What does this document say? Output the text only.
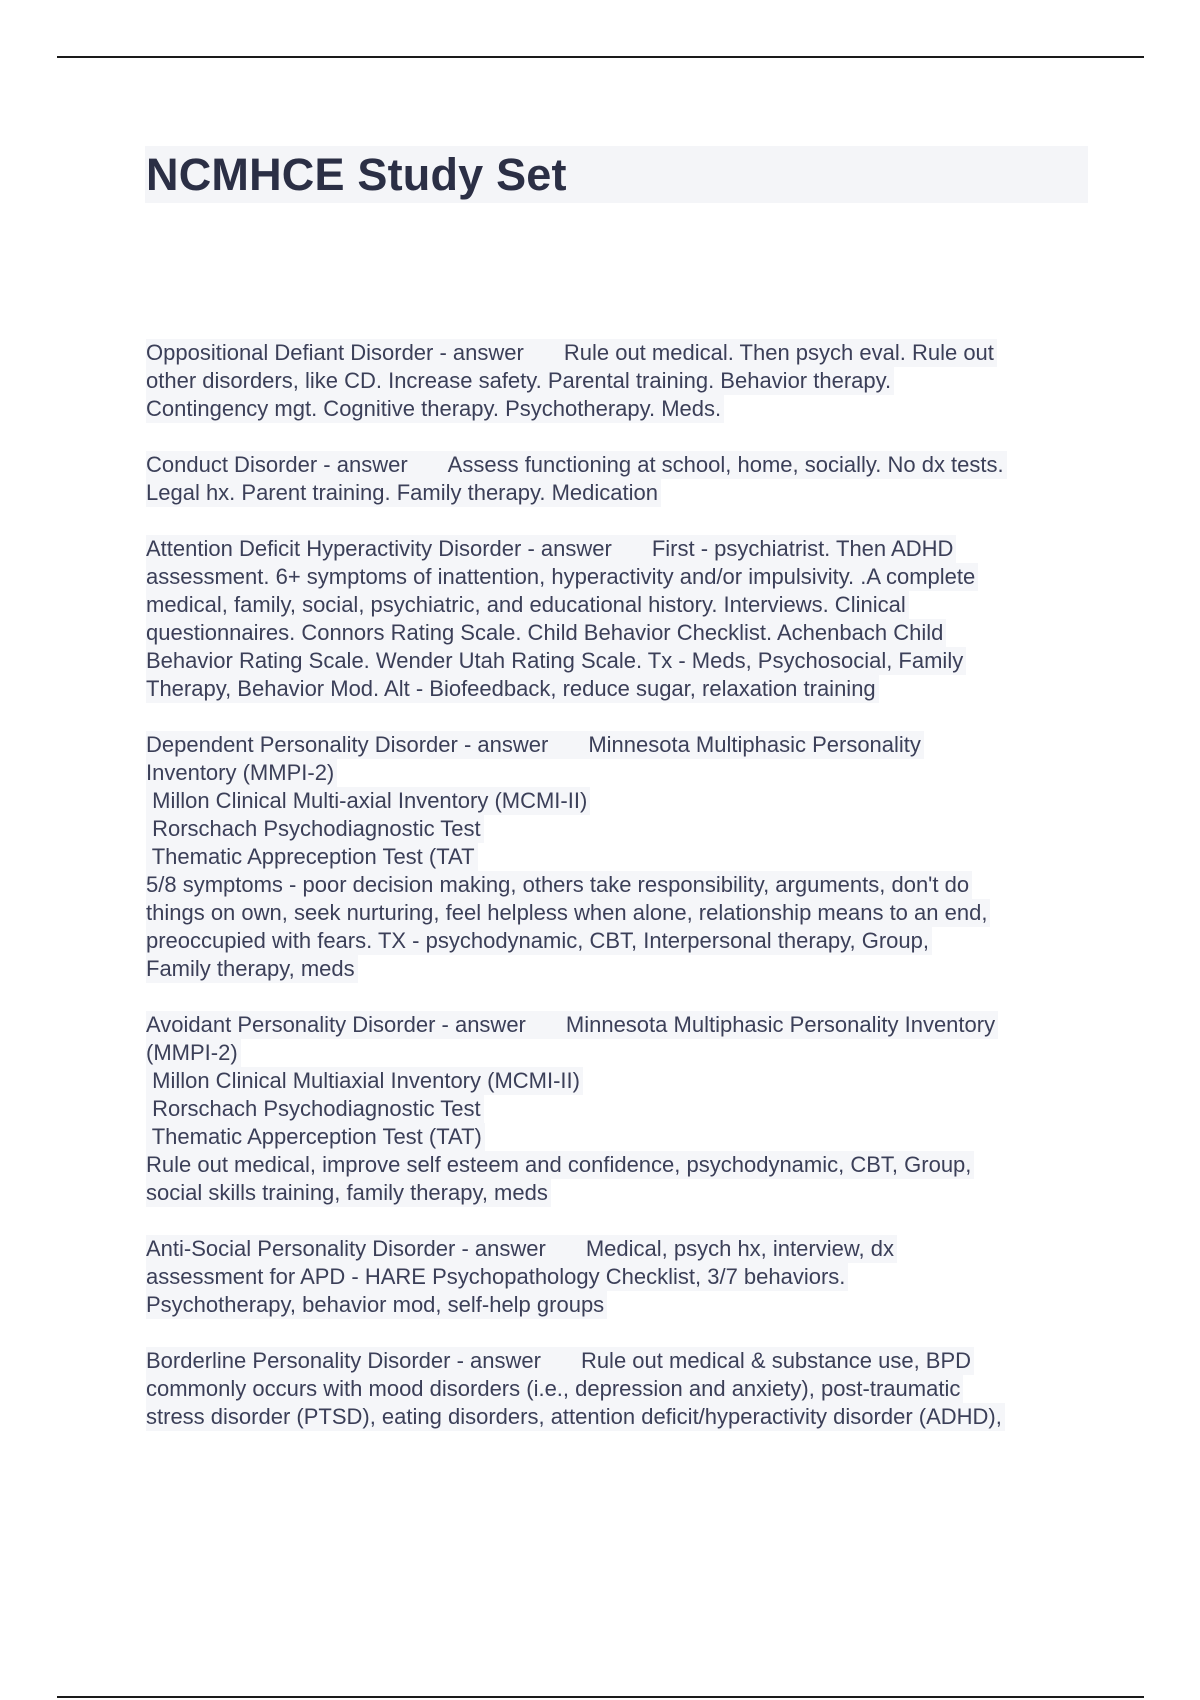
NCMHCE Study Set
Oppositional Defiant Disorder - answer Rule out medical. Then psych eval. Rule out
other disorders, like CD. Increase safety. Parental training. Behavior therapy.
Contingency mgt. Cognitive therapy. Psychotherapy. Meds.
Conduct Disorder - answer Assess functioning at school, home, socially. No dx tests.
Legal hx. Parent training. Family therapy. Medication
Attention Deficit Hyperactivity Disorder - answer First - psychiatrist. Then ADHD
assessment. 6+ symptoms of inattention, hyperactivity and/or impulsivity. .A complete
medical, family, social, psychiatric, and educational history. Interviews. Clinical
questionnaires. Connors Rating Scale. Child Behavior Checklist. Achenbach Child
Behavior Rating Scale. Wender Utah Rating Scale. Tx - Meds, Psychosocial, Family
Therapy, Behavior Mod. Alt - Biofeedback, reduce sugar, relaxation training
Dependent Personality Disorder - answer Minnesota Multiphasic Personality
Inventory (MMPI-2)
Millon Clinical Multi-axial Inventory (MCMI-II)
Rorschach Psychodiagnostic Test
Thematic Appreception Test (TAT
5/8 symptoms - poor decision making, others take responsibility, arguments, don't do
things on own, seek nurturing, feel helpless when alone, relationship means to an end,
preoccupied with fears. TX - psychodynamic, CBT, Interpersonal therapy, Group,
Family therapy, meds
Avoidant Personality Disorder - answer Minnesota Multiphasic Personality Inventory
(MMPI-2)
Millon Clinical Multiaxial Inventory (MCMI-II)
Rorschach Psychodiagnostic Test
Thematic Apperception Test (TAT)
Rule out medical, improve self esteem and confidence, psychodynamic, CBT, Group,
social skills training, family therapy, meds
Anti-Social Personality Disorder - answer Medical, psych hx, interview, dx
assessment for APD - HARE Psychopathology Checklist, 3/7 behaviors.
Psychotherapy, behavior mod, self-help groups
Borderline Personality Disorder - answer Rule out medical & substance use, BPD
commonly occurs with mood disorders (i.e., depression and anxiety), post-traumatic
stress disorder (PTSD), eating disorders, attention deficit/hyperactivity disorder (ADHD),
